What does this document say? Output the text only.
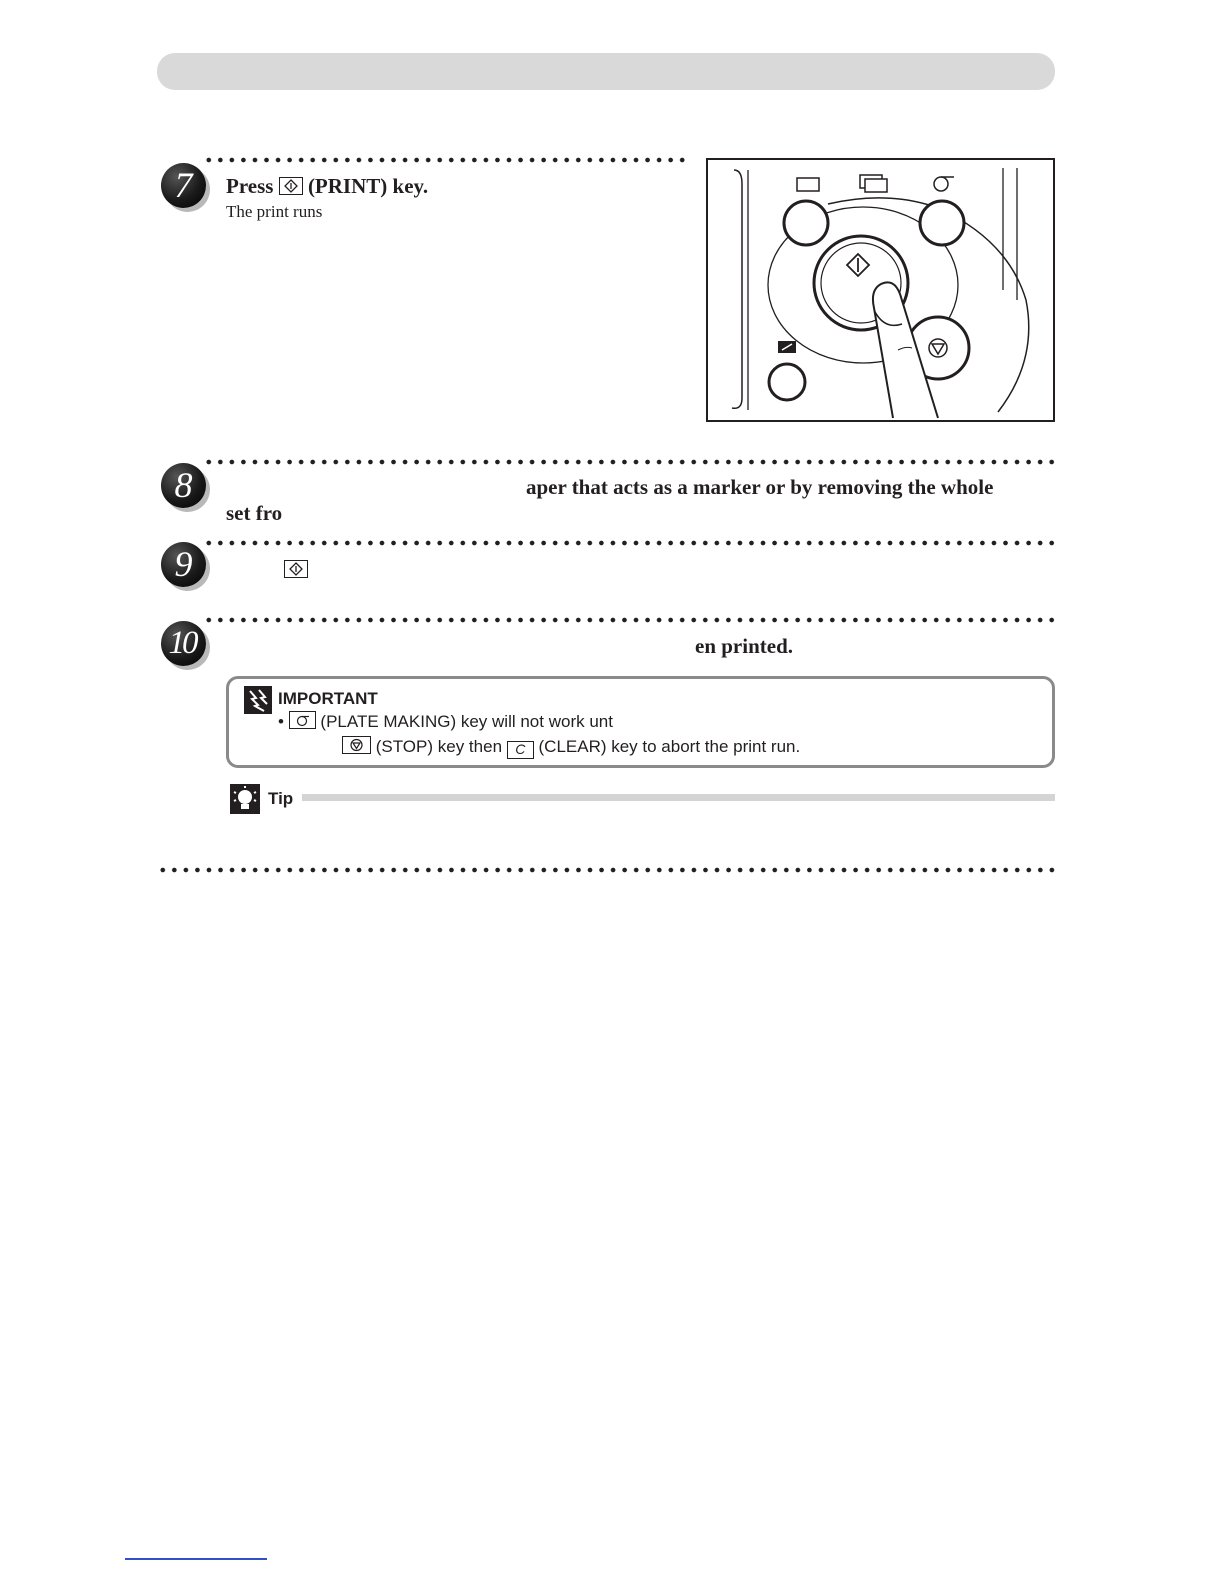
7	Press (PRINT) key.
The print runs
8	aper that acts as a marker or by removing the whole
set fro
9
10	en printed.
IMPORTANT
• (PLATE MAKING) key will not work unt
(STOP) key then C (CLEAR) key to abort the print run.
Tip
